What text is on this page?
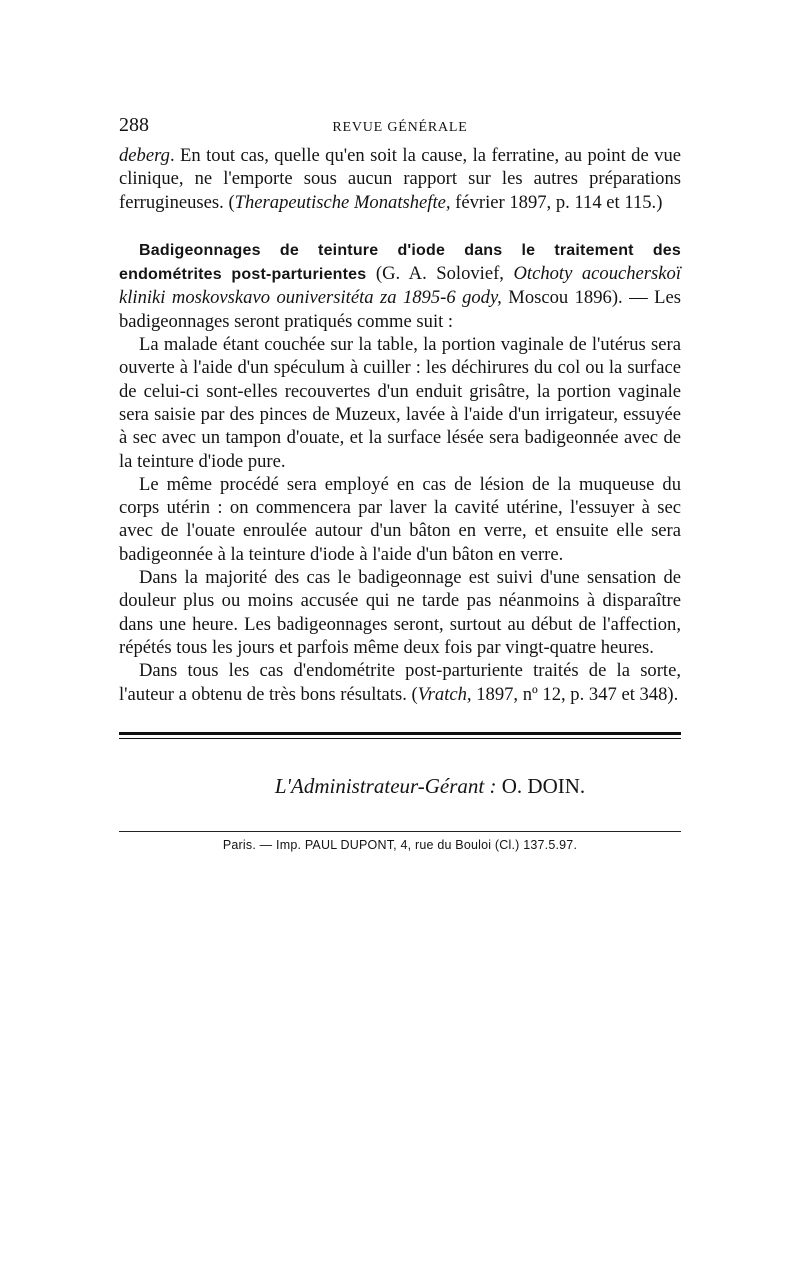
288	REVUE GÉNÉRALE

deberg. En tout cas, quelle qu'en soit la cause, la ferratine, au point de vue clinique, ne l'emporte sous aucun rapport sur les autres préparations ferrugineuses. (Therapeutische Monatshefte, février 1897, p. 114 et 115.)

Badigeonnages de teinture d'iode dans le traitement des endométrites post-parturientes (G. A. Solovief, Otchoty acoucherskoï kliniki moskovskavo ouniversitéta za 1895-6 gody, Moscou 1896). — Les badigeonnages seront pratiqués comme suit :

La malade étant couchée sur la table, la portion vaginale de l'utérus sera ouverte à l'aide d'un spéculum à cuiller : les déchirures du col ou la surface de celui-ci sont-elles recouvertes d'un enduit grisâtre, la portion vaginale sera saisie par des pinces de Muzeux, lavée à l'aide d'un irrigateur, essuyée à sec avec un tampon d'ouate, et la surface lésée sera badigeonnée avec de la teinture d'iode pure.

Le même procédé sera employé en cas de lésion de la muqueuse du corps utérin : on commencera par laver la cavité utérine, l'essuyer à sec avec de l'ouate enroulée autour d'un bâton en verre, et ensuite elle sera badigeonnée à la teinture d'iode à l'aide d'un bâton en verre.

Dans la majorité des cas le badigeonnage est suivi d'une sensation de douleur plus ou moins accusée qui ne tarde pas néanmoins à disparaître dans une heure. Les badigeonnages seront, surtout au début de l'affection, répétés tous les jours et parfois même deux fois par vingt-quatre heures.

Dans tous les cas d'endométrite post-parturiente traités de la sorte, l'auteur a obtenu de très bons résultats. (Vratch, 1897, nº 12, p. 347 et 348).

L'Administrateur-Gérant : O. DOIN.
Paris. — Imp. PAUL DUPONT, 4, rue du Bouloi (Cl.) 137.5.97.
